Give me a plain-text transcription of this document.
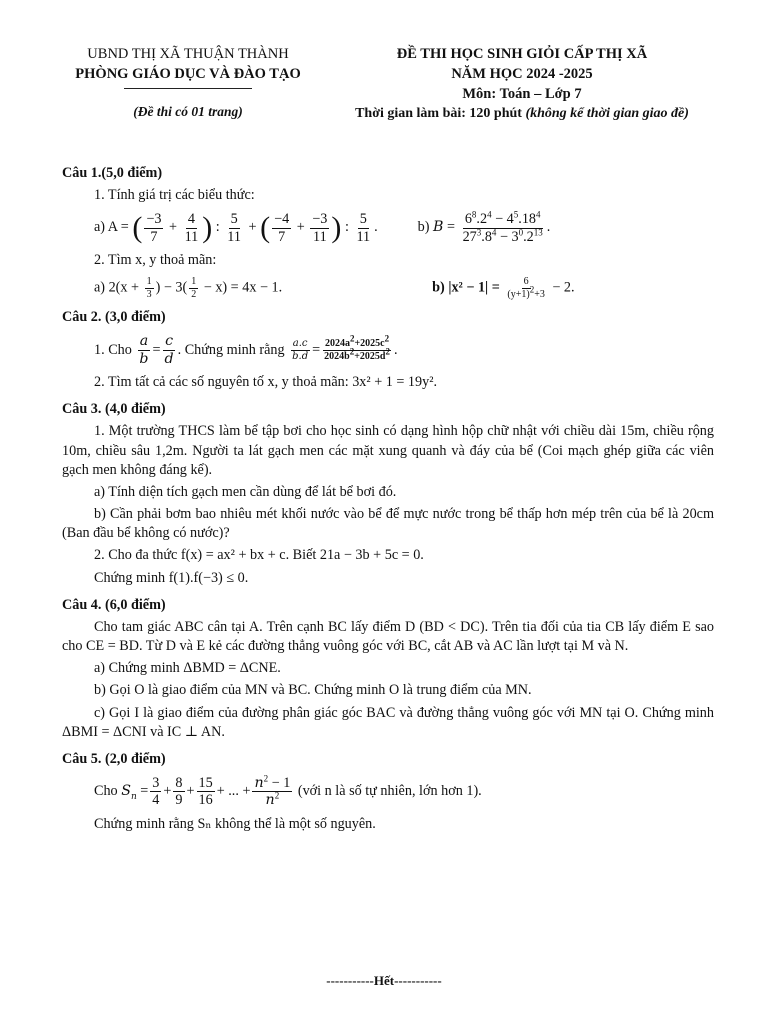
UBND THỊ XÃ THUẬN THÀNH
PHÒNG GIÁO DỤC VÀ ĐÀO TẠO
(Đề thi có 01 trang)
ĐỀ THI HỌC SINH GIỎI CẤP THỊ XÃ
NĂM HỌC 2024 -2025
Môn: Toán – Lớp 7
Thời gian làm bài: 120 phút (không kể thời gian giao đề)
Câu 1.(5,0 điểm)

1. Tính giá trị các biểu thức:

a) A = ( $\frac{-3}{7} + \frac{4}{11}$ ) : $\frac{5}{11}$ + ( $\frac{-4}{7} + \frac{-3}{11}$ ) : $\frac{5}{11}$ .	b) $B = \frac{6^8.2^4 - 4^5.18^4}{27^3.8^4 - 3^0.2^{13}}$ .

2. Tìm x, y thoả mãn:

a) $2(x + \frac{1}{3}$ ) − $3( \frac{1}{2} - x) = 4x - 1$.	b) $|x^2 - 1| = \frac{6}{(y+1)^2+3} - 2$.
Câu 2. (3,0 điểm)
1. Cho
$\frac{a}{b} = \frac{c}{d}$ . Chứng minh rằng
$\frac{a.c}{b.d} = \frac{2024a^2+2025c^2}{2024b^2+2025d^2}$ .

2. Tìm tất cả các số nguyên tố x, y thoả mãn: 3x² + 1 = 19y².

Câu 3. (4,0 điểm)

1. Một trường THCS làm bể tập bơi cho học sinh có dạng hình hộp chữ nhật với chiều dài 15m, chiều rộng 10m, chiều sâu 1,2m. Người ta lát gạch men các mặt xung quanh và đáy của bể (Coi mạch ghép giữa các viên gạch men không đáng kể).

a) Tính diện tích gạch men cần dùng để lát bể bơi đó.

b) Cần phải bơm bao nhiêu mét khối nước vào bể để mực nước trong bể thấp hơn mép trên của bể là 20cm (Ban đầu bể không có nước)?

2. Cho đa thức f(x) = ax² + bx + c. Biết 21a − 3b + 5c = 0.

Chứng minh f(1).f(−3) ≤ 0.

Câu 4. (6,0 điểm)

Cho tam giác ABC cân tại A. Trên cạnh BC lấy điểm D (BD < DC). Trên tia đối của tia CB lấy điểm E sao cho CE = BD. Từ D và E kẻ các đường thẳng vuông góc với BC, cắt AB và AC lần lượt tại M và N.

a) Chứng minh ΔBMD = ΔCNE.

b) Gọi O là giao điểm của MN và BC. Chứng minh O là trung điểm của MN.

c) Gọi I là giao điểm của đường phân giác góc BAC và đường thẳng vuông góc với MN tại O. Chứng minh ΔBMI = ΔCNI và IC ⊥ AN.

Câu 5. (2,0 điểm)
Cho
$S_n = \frac{3}{4} + \frac{8}{9} + \frac{15}{16}$ + ... + $\frac{n^2 - 1}{n^2}$
(với n là số tự nhiên, lớn hơn 1).

Chứng minh rằng Sₙ không thể là một số nguyên.

-----------Hết-----------
